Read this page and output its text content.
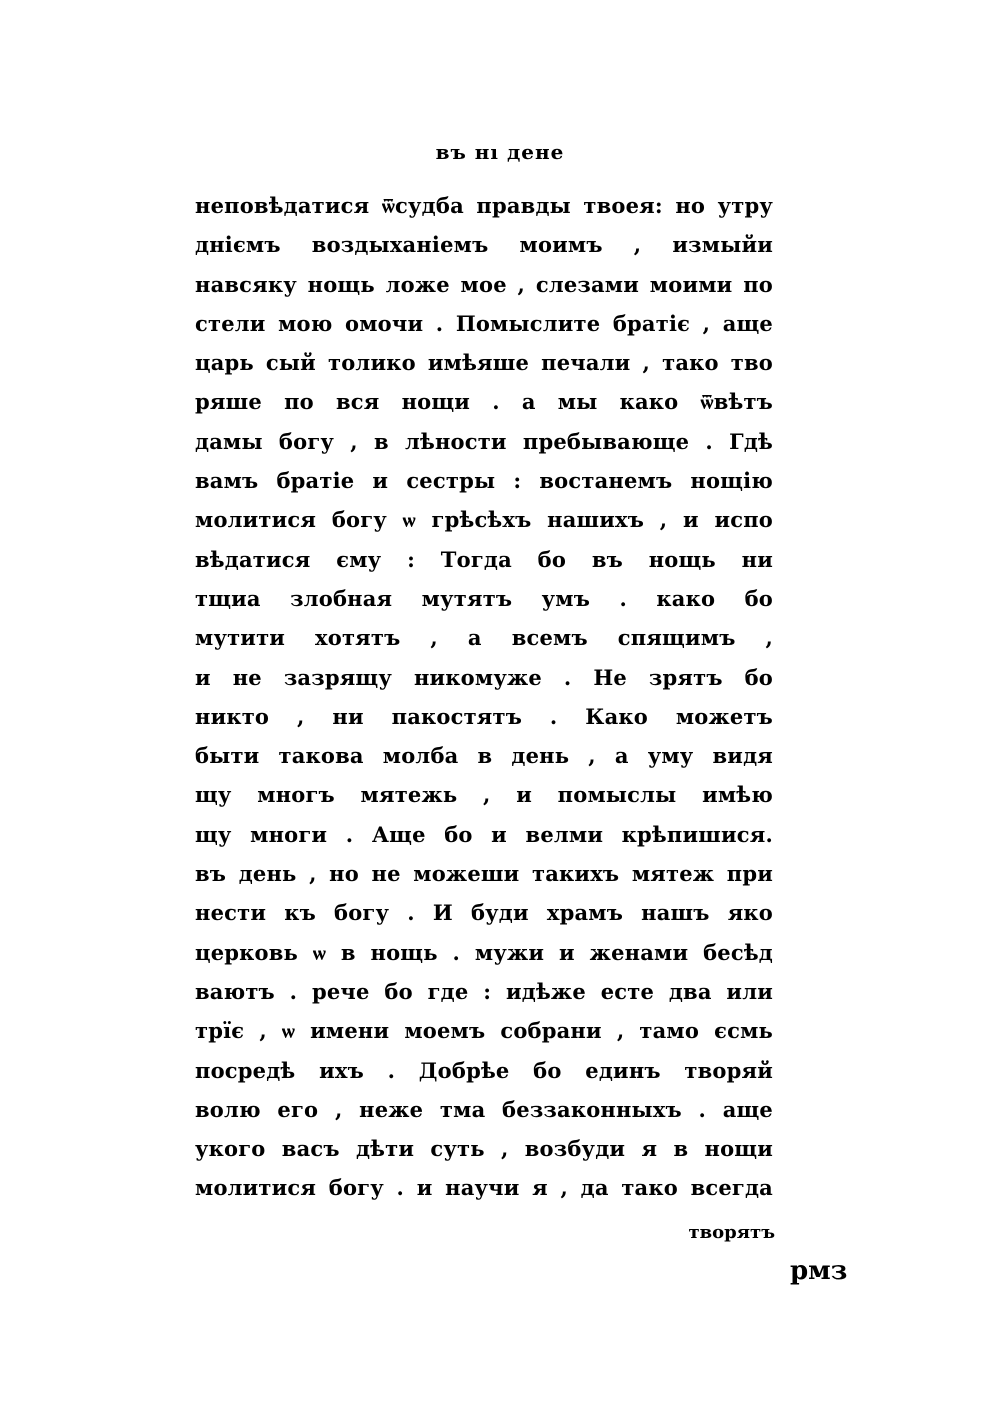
въ нı дене
неповѣдатися ѿсудба правды твоея: но утру
дніємъ воздыханіемъ моимъ , измыйи
навсяку нощь ложе мое , слезами моими по
стели мою омочи . Помыслите братіє , аще
царь сый толико имѣяше печали , тако тво
ряше по вся нощи . а мы како ѿвѣтъ
дамы богу , в лѣности пребывающе . Гдѣ
вамъ братіе и сестры : востанемъ нощію
молитися богу ѡ грѣсѣхъ нашихъ , и испо
вѣдатися єму : Тогда бо въ нощь ни
тщиа злобная мутятъ умъ . како бо
мутити хотятъ , а всемъ спящимъ ,
и не зазрящу никомуже . Не зрятъ бо
никто , ни пакостятъ . Како можетъ
быти такова молба в день , а уму видя
щу многъ мятежь , и помыслы имѣю
щу многи . Аще бо и велми крѣпишися.
въ день , но не можеши такихъ мятеж при
нести къ богу . И буди храмъ нашъ яко
церковь ѡ в нощь . мужи и женами бесѣд
ваютъ . рече бо где : идѣже есте два или
трїє , ѡ имени моемъ собрани , тамо єсмь
посредѣ ихъ . Добрѣе бо единъ творяй
волю его , неже тма беззаконныхъ . аще
укого васъ дѣти суть , возбуди я в нощи
молитися богу . и научи я , да тако всегда
творятъ
рмз
